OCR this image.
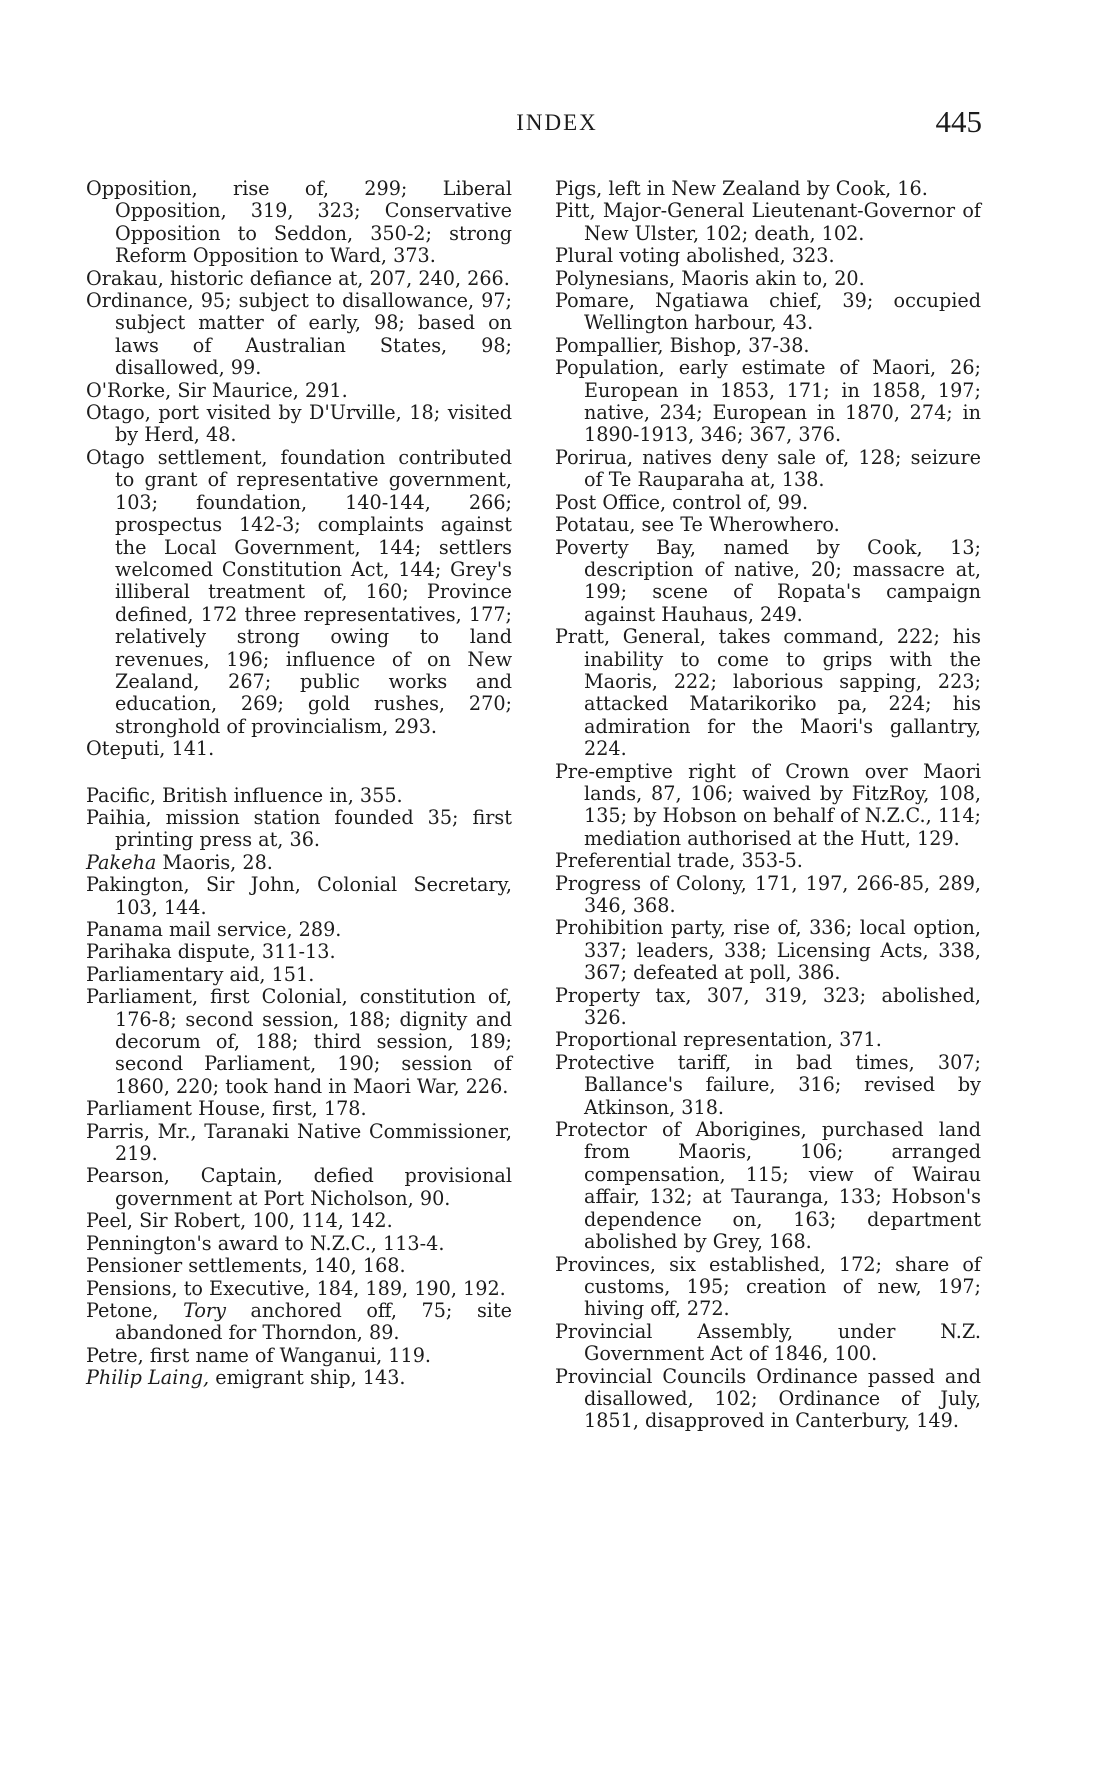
INDEX	445

Opposition, rise of, 299; Liberal Opposition, 319, 323; Conservative Opposition to Seddon, 350-2; strong Reform Opposition to Ward, 373.

Orakau, historic defiance at, 207, 240, 266.

Ordinance, 95; subject to disallowance, 97; subject matter of early, 98; based on laws of Australian States, 98; disallowed, 99.

O'Rorke, Sir Maurice, 291.

Otago, port visited by D'Urville, 18; visited by Herd, 48.

Otago settlement, foundation contributed to grant of representative government, 103; foundation, 140-144, 266; prospectus 142-3; complaints against the Local Government, 144; settlers welcomed Constitution Act, 144; Grey's illiberal treatment of, 160; Province defined, 172 three representatives, 177; relatively strong owing to land revenues, 196; influence of on New Zealand, 267; public works and education, 269; gold rushes, 270; stronghold of provincialism, 293.

Oteputi, 141.

Pacific, British influence in, 355.

Paihia, mission station founded 35; first printing press at, 36.

Pakeha Maoris, 28.

Pakington, Sir John, Colonial Secretary, 103, 144.

Panama mail service, 289.

Parihaka dispute, 311-13.

Parliamentary aid, 151.

Parliament, first Colonial, constitution of, 176-8; second session, 188; dignity and decorum of, 188; third session, 189; second Parliament, 190; session of 1860, 220; took hand in Maori War, 226.

Parliament House, first, 178.

Parris, Mr., Taranaki Native Commissioner, 219.

Pearson, Captain, defied provisional government at Port Nicholson, 90.

Peel, Sir Robert, 100, 114, 142.

Pennington's award to N.Z.C., 113-4.

Pensioner settlements, 140, 168.

Pensions, to Executive, 184, 189, 190, 192.

Petone, Tory anchored off, 75; site abandoned for Thorndon, 89.

Petre, first name of Wanganui, 119.

Philip Laing, emigrant ship, 143.

Pigs, left in New Zealand by Cook, 16.

Pitt, Major-General Lieutenant-Governor of New Ulster, 102; death, 102.

Plural voting abolished, 323.

Polynesians, Maoris akin to, 20.

Pomare, Ngatiawa chief, 39; occupied Wellington harbour, 43.

Pompallier, Bishop, 37-38.

Population, early estimate of Maori, 26; European in 1853, 171; in 1858, 197; native, 234; European in 1870, 274; in 1890-1913, 346; 367, 376.

Porirua, natives deny sale of, 128; seizure of Te Rauparaha at, 138.

Post Office, control of, 99.

Potatau, see Te Wherowhero.

Poverty Bay, named by Cook, 13; description of native, 20; massacre at, 199; scene of Ropata's campaign against Hauhaus, 249.

Pratt, General, takes command, 222; his inability to come to grips with the Maoris, 222; laborious sapping, 223; attacked Matarikoriko pa, 224; his admiration for the Maori's gallantry, 224.

Pre-emptive right of Crown over Maori lands, 87, 106; waived by FitzRoy, 108, 135; by Hobson on behalf of N.Z.C., 114; mediation authorised at the Hutt, 129.

Preferential trade, 353-5.

Progress of Colony, 171, 197, 266-85, 289, 346, 368.

Prohibition party, rise of, 336; local option, 337; leaders, 338; Licensing Acts, 338, 367; defeated at poll, 386.

Property tax, 307, 319, 323; abolished, 326.

Proportional representation, 371.

Protective tariff, in bad times, 307; Ballance's failure, 316; revised by Atkinson, 318.

Protector of Aborigines, purchased land from Maoris, 106; arranged compensation, 115; view of Wairau affair, 132; at Tauranga, 133; Hobson's dependence on, 163; department abolished by Grey, 168.

Provinces, six established, 172; share of customs, 195; creation of new, 197; hiving off, 272.

Provincial Assembly, under N.Z. Government Act of 1846, 100.

Provincial Councils Ordinance passed and disallowed, 102; Ordinance of July, 1851, disapproved in Canterbury, 149.
